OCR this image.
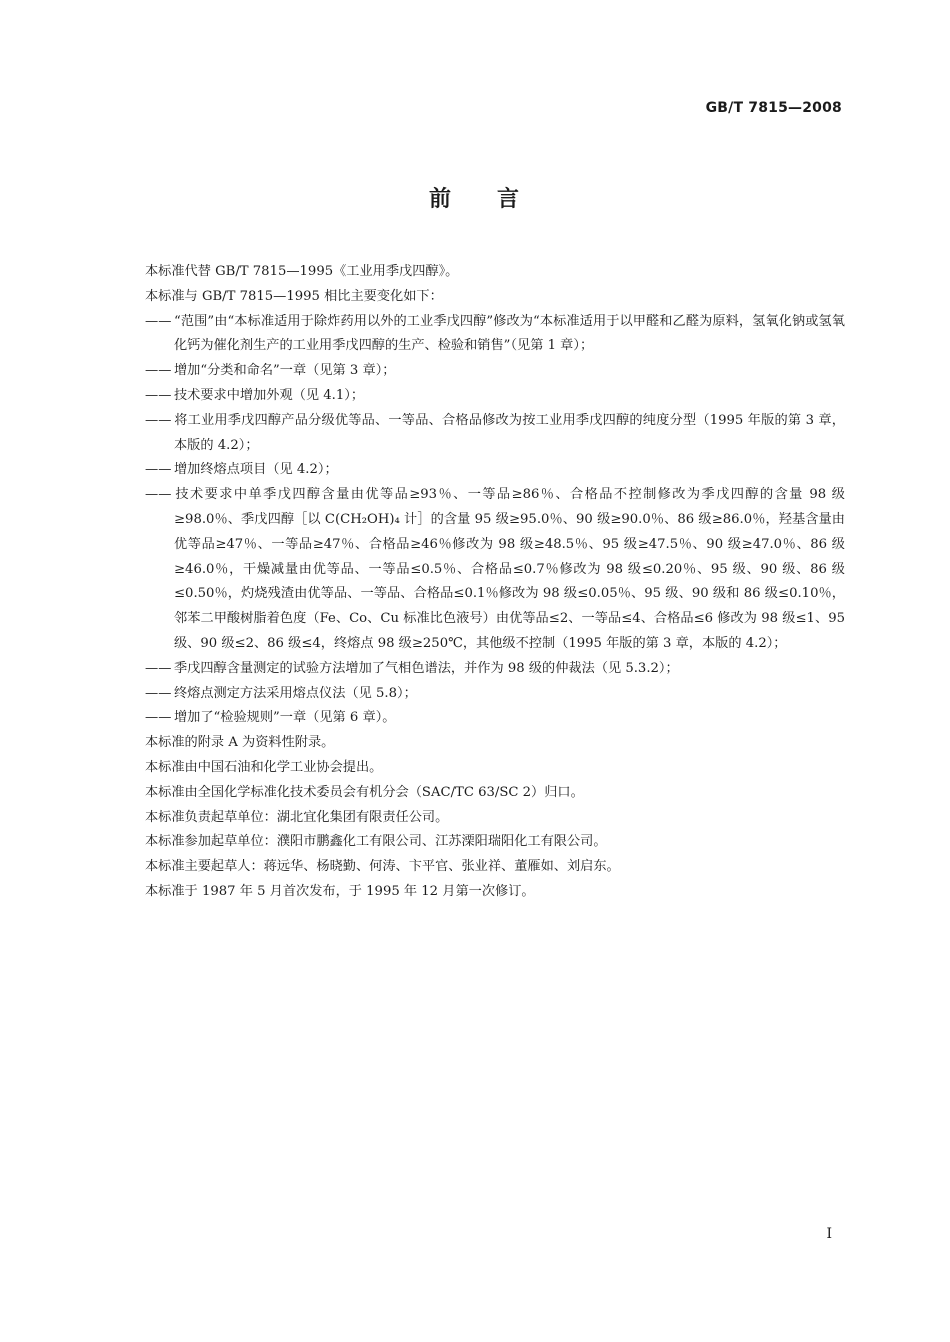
GB/T 7815—2008
前 言

本标准代替 GB/T 7815—1995《工业用季戊四醇》。

本标准与 GB/T 7815—1995 相比主要变化如下：

—— “范围”由“本标准适用于除炸药用以外的工业季戊四醇”修改为“本标准适用于以甲醛和乙醛为原料，氢氧化钠或氢氧化钙为催化剂生产的工业用季戊四醇的生产、检验和销售”（见第 1 章）；

—— 增加“分类和命名”一章（见第 3 章）；

—— 技术要求中增加外观（见 4.1）；

—— 将工业用季戊四醇产品分级优等品、一等品、合格品修改为按工业用季戊四醇的纯度分型（1995 年版的第 3 章，本版的 4.2）；

—— 增加终熔点项目（见 4.2）；

—— 技术要求中单季戊四醇含量由优等品≥93％、一等品≥86％、合格品不控制修改为季戊四醇的含量 98 级≥98.0％、季戊四醇［以 C(CH₂OH)₄ 计］的含量 95 级≥95.0％、90 级≥90.0％、86 级≥86.0％，羟基含量由优等品≥47％、一等品≥47％、合格品≥46％修改为 98 级≥48.5％、95 级≥47.5％、90 级≥47.0％、86 级≥46.0％，干燥减量由优等品、一等品≤0.5％、合格品≤0.7％修改为 98 级≤0.20％、95 级、90 级、86 级≤0.50％，灼烧残渣由优等品、一等品、合格品≤0.1％修改为 98 级≤0.05％、95 级、90 级和 86 级≤0.10％，邻苯二甲酸树脂着色度（Fe、Co、Cu 标准比色液号）由优等品≤2、一等品≤4、合格品≤6 修改为 98 级≤1、95 级、90 级≤2、86 级≤4，终熔点 98 级≥250℃，其他级不控制（1995 年版的第 3 章，本版的 4.2）；

—— 季戊四醇含量测定的试验方法增加了气相色谱法，并作为 98 级的仲裁法（见 5.3.2）；

—— 终熔点测定方法采用熔点仪法（见 5.8）；

—— 增加了“检验规则”一章（见第 6 章）。

本标准的附录 A 为资料性附录。

本标准由中国石油和化学工业协会提出。

本标准由全国化学标准化技术委员会有机分会（SAC/TC 63/SC 2）归口。

本标准负责起草单位：湖北宜化集团有限责任公司。

本标准参加起草单位：濮阳市鹏鑫化工有限公司、江苏溧阳瑞阳化工有限公司。

本标准主要起草人：蒋远华、杨晓勤、何涛、卞平官、张业祥、董雁如、刘启东。

本标准于 1987 年 5 月首次发布，于 1995 年 12 月第一次修订。

I
